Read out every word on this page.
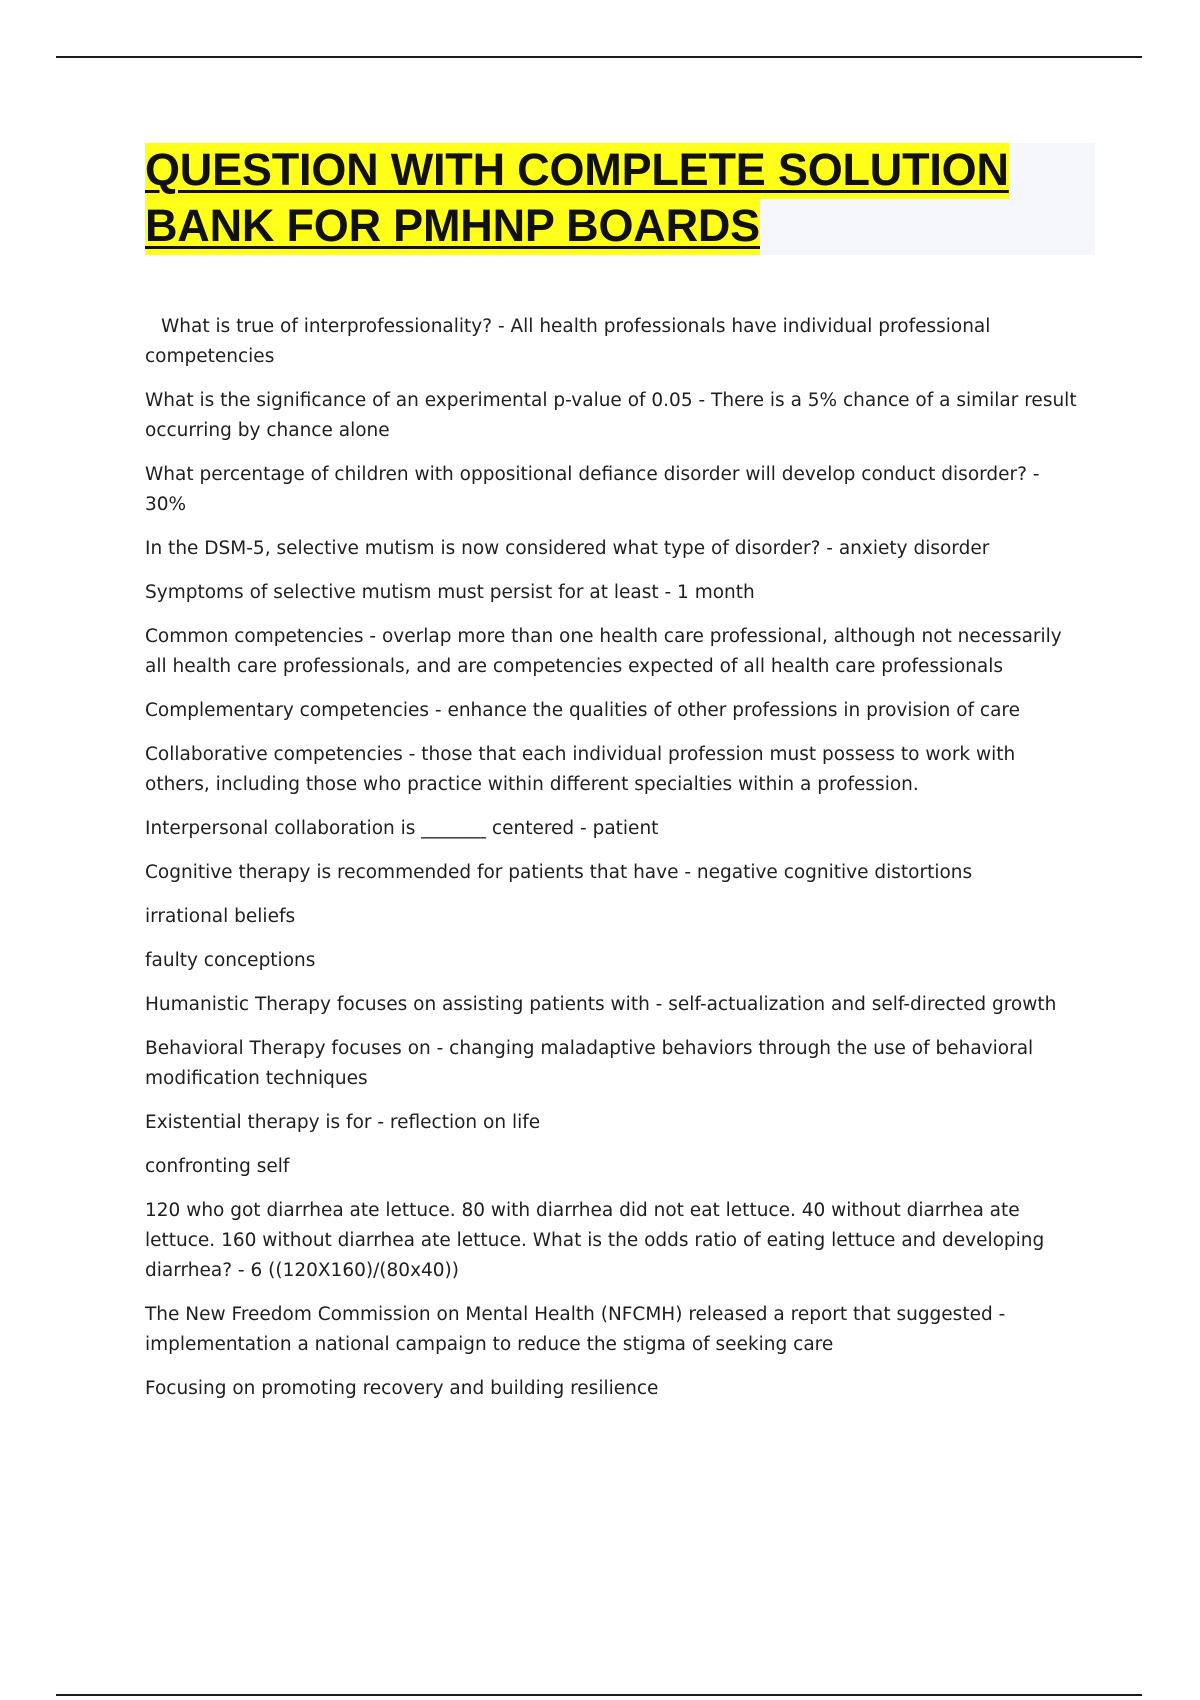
QUESTION WITH COMPLETE SOLUTION
BANK FOR PMHNP BOARDS

What is true of interprofessionality? - All health professionals have individual professional competencies

What is the significance of an experimental p-value of 0.05 - There is a 5% chance of a similar result occurring by chance alone

What percentage of children with oppositional defiance disorder will develop conduct disorder? - 30%

In the DSM-5, selective mutism is now considered what type of disorder? - anxiety disorder

Symptoms of selective mutism must persist for at least - 1 month

Common competencies - overlap more than one health care professional, although not necessarily all health care professionals, and are competencies expected of all health care professionals

Complementary competencies - enhance the qualities of other professions in provision of care

Collaborative competencies - those that each individual profession must possess to work with others, including those who practice within different specialties within a profession.

Interpersonal collaboration is _______ centered - patient

Cognitive therapy is recommended for patients that have - negative cognitive distortions

irrational beliefs

faulty conceptions

Humanistic Therapy focuses on assisting patients with - self-actualization and self-directed growth

Behavioral Therapy focuses on - changing maladaptive behaviors through the use of behavioral modification techniques

Existential therapy is for - reflection on life

confronting self

120 who got diarrhea ate lettuce. 80 with diarrhea did not eat lettuce. 40 without diarrhea ate lettuce. 160 without diarrhea ate lettuce. What is the odds ratio of eating lettuce and developing diarrhea? - 6 ((120X160)/(80x40))

The New Freedom Commission on Mental Health (NFCMH) released a report that suggested - implementation a national campaign to reduce the stigma of seeking care

Focusing on promoting recovery and building resilience
